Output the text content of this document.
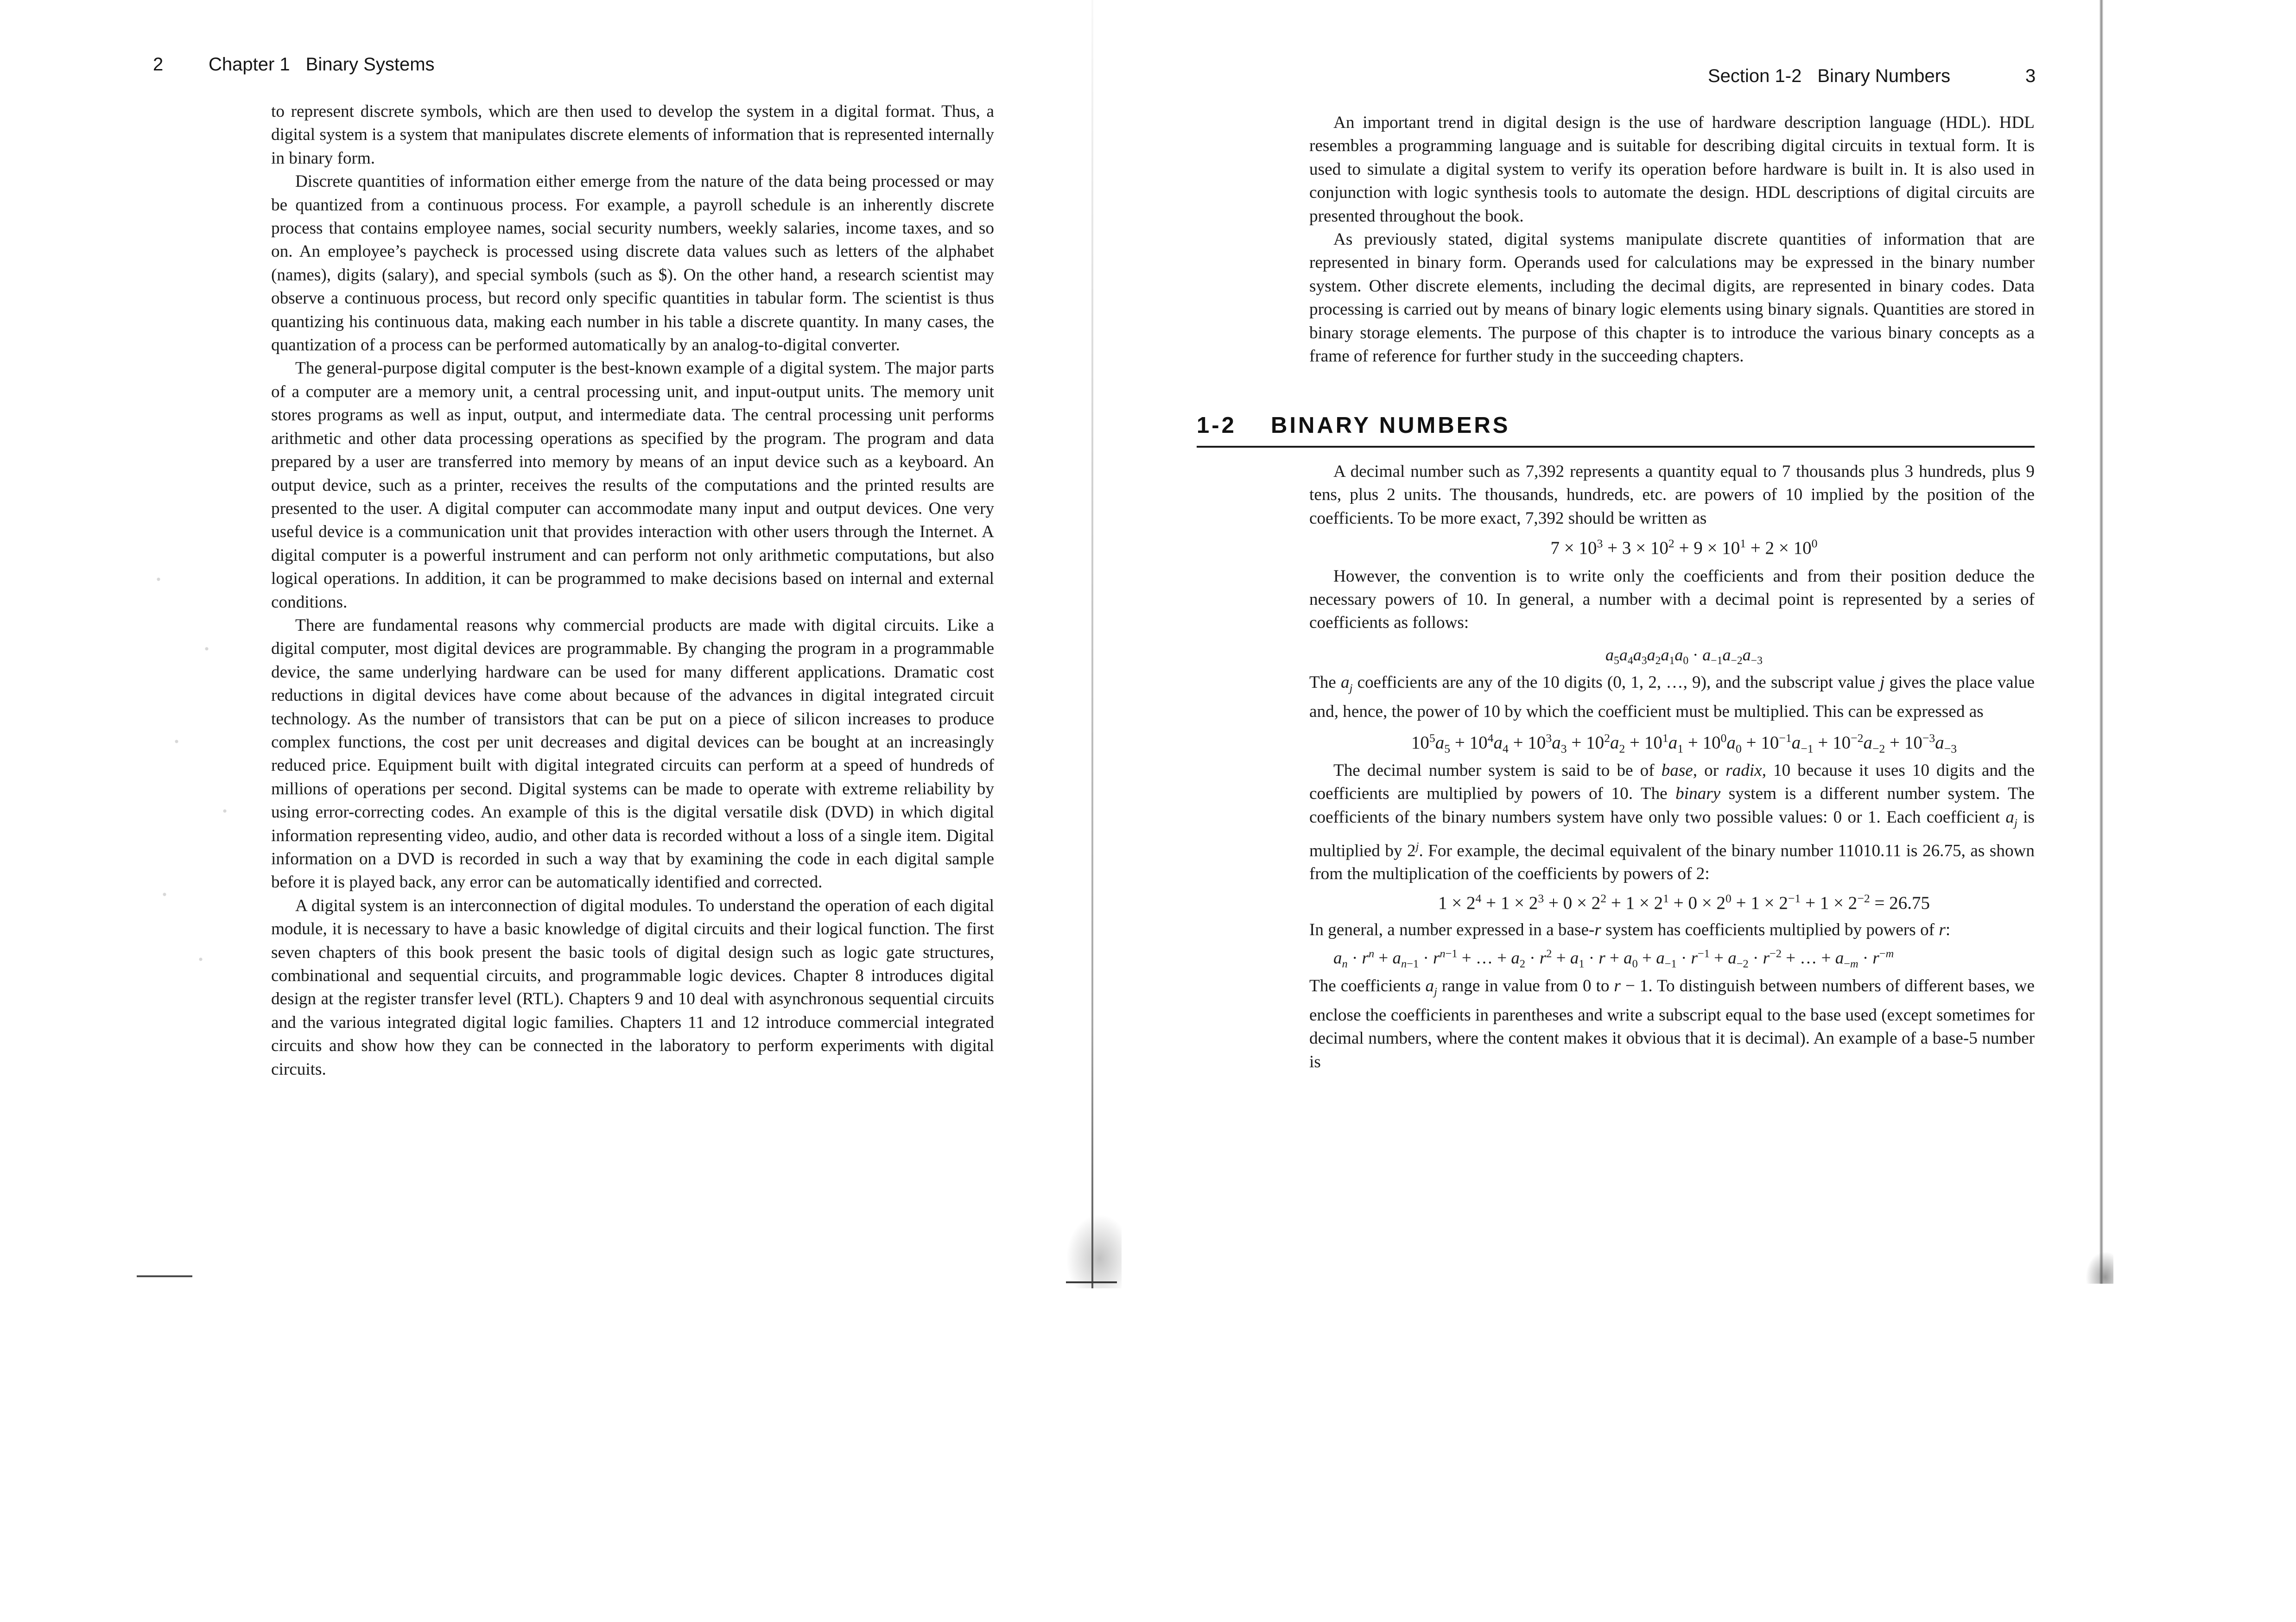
2 Chapter 1 Binary Systems

to represent discrete symbols, which are then used to develop the system in a digital format. Thus, a digital system is a system that manipulates discrete elements of information that is represented internally in binary form.

Discrete quantities of information either emerge from the nature of the data being processed or may be quantized from a continuous process. For example, a payroll schedule is an inherently discrete process that contains employee names, social security numbers, weekly salaries, income taxes, and so on. An employee’s paycheck is processed using discrete data values such as letters of the alphabet (names), digits (salary), and special symbols (such as $). On the other hand, a research scientist may observe a continuous process, but record only specific quantities in tabular form. The scientist is thus quantizing his continuous data, making each number in his table a discrete quantity. In many cases, the quantization of a process can be performed automatically by an analog-to-digital converter.

The general-purpose digital computer is the best-known example of a digital system. The major parts of a computer are a memory unit, a central processing unit, and input-output units. The memory unit stores programs as well as input, output, and intermediate data. The central processing unit performs arithmetic and other data processing operations as specified by the program. The program and data prepared by a user are transferred into memory by means of an input device such as a keyboard. An output device, such as a printer, receives the results of the computations and the printed results are presented to the user. A digital computer can accommodate many input and output devices. One very useful device is a communication unit that provides interaction with other users through the Internet. A digital computer is a powerful instrument and can perform not only arithmetic computations, but also logical operations. In addition, it can be programmed to make decisions based on internal and external conditions.

There are fundamental reasons why commercial products are made with digital circuits. Like a digital computer, most digital devices are programmable. By changing the program in a programmable device, the same underlying hardware can be used for many different applications. Dramatic cost reductions in digital devices have come about because of the advances in digital integrated circuit technology. As the number of transistors that can be put on a piece of silicon increases to produce complex functions, the cost per unit decreases and digital devices can be bought at an increasingly reduced price. Equipment built with digital integrated circuits can perform at a speed of hundreds of millions of operations per second. Digital systems can be made to operate with extreme reliability by using error-correcting codes. An example of this is the digital versatile disk (DVD) in which digital information representing video, audio, and other data is recorded without a loss of a single item. Digital information on a DVD is recorded in such a way that by examining the code in each digital sample before it is played back, any error can be automatically identified and corrected.

A digital system is an interconnection of digital modules. To understand the operation of each digital module, it is necessary to have a basic knowledge of digital circuits and their logical function. The first seven chapters of this book present the basic tools of digital design such as logic gate structures, combinational and sequential circuits, and programmable logic devices. Chapter 8 introduces digital design at the register transfer level (RTL). Chapters 9 and 10 deal with asynchronous sequential circuits and the various integrated digital logic families. Chapters 11 and 12 introduce commercial integrated circuits and show how they can be connected in the laboratory to perform experiments with digital circuits.

Section 1-2 Binary Numbers	3

An important trend in digital design is the use of hardware description language (HDL). HDL resembles a programming language and is suitable for describing digital circuits in textual form. It is used to simulate a digital system to verify its operation before hardware is built in. It is also used in conjunction with logic synthesis tools to automate the design. HDL descriptions of digital circuits are presented throughout the book.

As previously stated, digital systems manipulate discrete quantities of information that are represented in binary form. Operands used for calculations may be expressed in the binary number system. Other discrete elements, including the decimal digits, are represented in binary codes. Data processing is carried out by means of binary logic elements using binary signals. Quantities are stored in binary storage elements. The purpose of this chapter is to introduce the various binary concepts as a frame of reference for further study in the succeeding chapters.

1-2 BINARY NUMBERS

A decimal number such as 7,392 represents a quantity equal to 7 thousands plus 3 hundreds, plus 9 tens, plus 2 units. The thousands, hundreds, etc. are powers of 10 implied by the position of the coefficients. To be more exact, 7,392 should be written as

$7 \times 10^3 + 3 \times 10^2 + 9 \times 10^1 + 2 \times 10^0$

However, the convention is to write only the coefficients and from their position deduce the necessary powers of 10. In general, a number with a decimal point is represented by a series of coefficients as follows:

$a_5a_4a_3a_2a_1a_0 \cdot a_{-1}a_{-2}a_{-3}$

The $a_j$ coefficients are any of the 10 digits (0, 1, 2, …, 9), and the subscript value j gives the place value and, hence, the power of 10 by which the coefficient must be multiplied. This can be expressed as

$10^5a_5 + 10^4a_4 + 10^3a_3 + 10^2a_2 + 10^1a_1 + 10^0a_0 + 10^{-1}a_{-1} + 10^{-2}a_{-2} + 10^{-3}a_{-3}$

The decimal number system is said to be of base, or radix, 10 because it uses 10 digits and the coefficients are multiplied by powers of 10. The binary system is a different number system. The coefficients of the binary numbers system have only two possible values: 0 or 1. Each coefficient $a_j$ is multiplied by 2$^j$. For example, the decimal equivalent of the binary number 11010.11 is 26.75, as shown from the multiplication of the coefficients by powers of 2:

$1 \times 2^4 + 1 \times 2^3 + 0 \times 2^2 + 1 \times 2^1 + 0 \times 2^0 + 1 \times 2^{-1} + 1 \times 2^{-2} = 26.75$

In general, a number expressed in a base-r system has coefficients multiplied by powers of r:

$a_n \cdot r^n + a_{n-1} \cdot r^{n-1}$ + … + $a_2 \cdot r^2 + a_1 \cdot r + a_0 + a_{-1} \cdot r^{-1} + a_{-2} \cdot r^{-2}$ + … + $a_{-m} \cdot r^{-m}$

The coefficients $a_j$ range in value from 0 to r − 1. To distinguish between numbers of different bases, we enclose the coefficients in parentheses and write a subscript equal to the base used (except sometimes for decimal numbers, where the content makes it obvious that it is decimal). An example of a base-5 number is
